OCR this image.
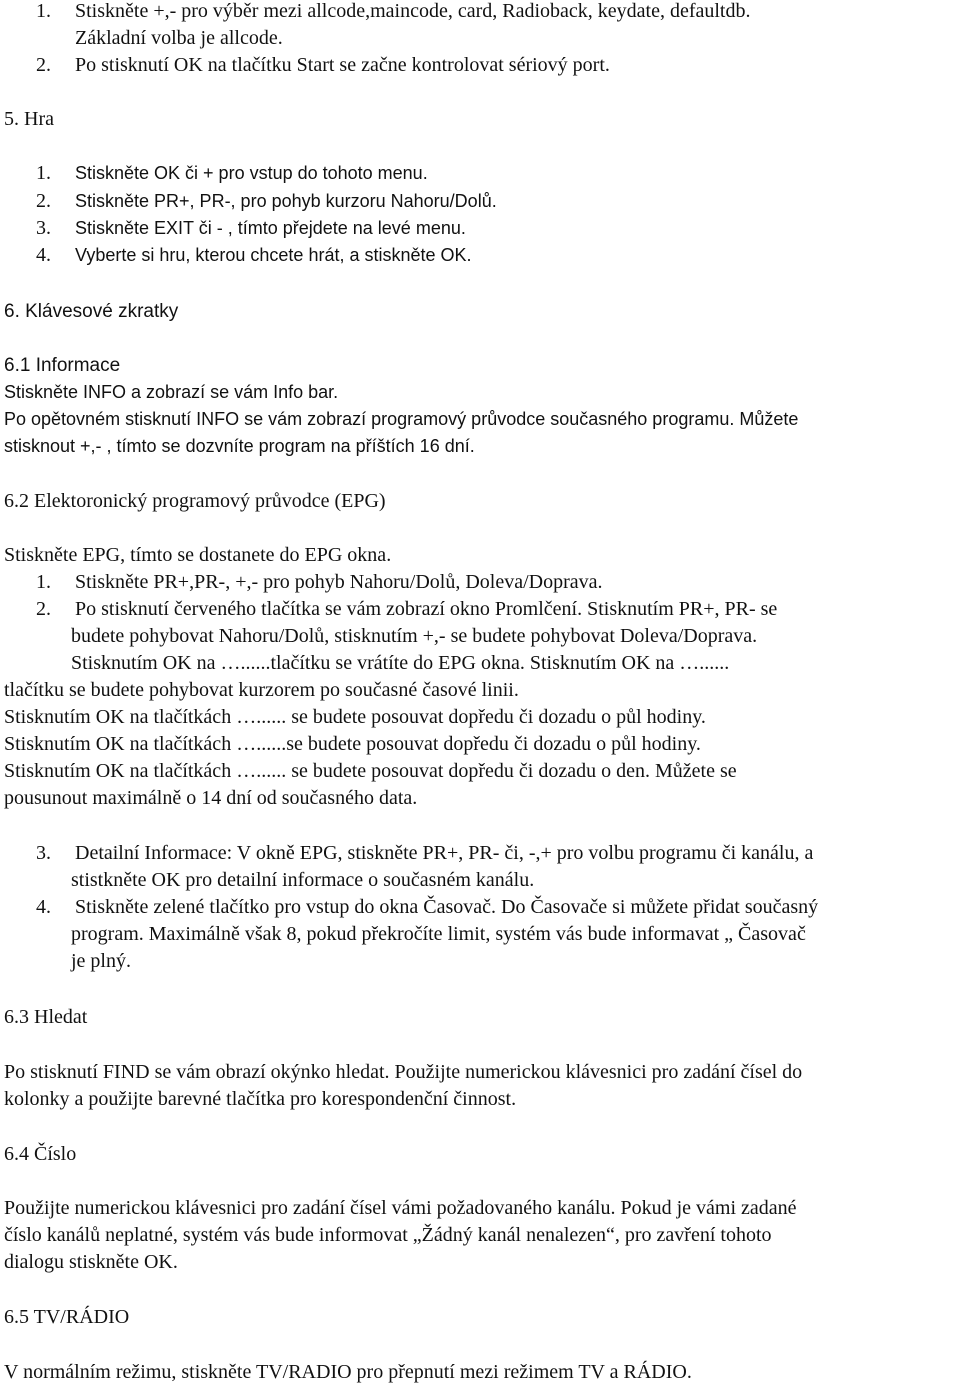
1.	Stiskněte +,- pro výběr mezi allcode,maincode, card, Radioback, keydate, defaultdb.
Základní volba je allcode.
2.	Po stisknutí OK na tlačítku Start se začne kontrolovat sériový port.
5. Hra
1.	Stiskněte OK či + pro vstup do tohoto menu.
2.	Stiskněte PR+, PR-, pro pohyb kurzoru Nahoru/Dolů.
3.	Stiskněte EXIT či - , tímto přejdete na levé menu.
4.	Vyberte si hru, kterou chcete hrát, a stiskněte OK.
6. Klávesové zkratky
6.1 Informace
Stiskněte INFO a zobrazí se vám Info bar.
Po opětovném stisknutí INFO se vám zobrazí programový průvodce současného programu. Můžete
stisknout +,- , tímto se dozvníte program na příštích 16 dní.
6.2 Elektoronický programový průvodce (EPG)
Stiskněte EPG, tímto se dostanete do EPG okna.
1.	Stiskněte PR+,PR-, +,- pro pohyb Nahoru/Dolů, Doleva/Doprava.
2.	Po stisknutí červeného tlačítka se vám zobrazí okno Promlčení. Stisknutím PR+, PR- se
budete pohybovat Nahoru/Dolů, stisknutím +,- se budete pohybovat Doleva/Doprava.
Stisknutím OK na …......tlačítku se vrátíte do EPG okna. Stisknutím OK na …......
tlačítku se budete pohybovat kurzorem po současné časové linii.
Stisknutím OK na tlačítkách …...... se budete posouvat dopředu či dozadu o půl hodiny.
Stisknutím OK na tlačítkách …......se budete posouvat dopředu či dozadu o půl hodiny.
Stisknutím OK na tlačítkách …...... se budete posouvat dopředu či dozadu o den. Můžete se
pousunout maximálně o 14 dní od současného data.
3.	Detailní Informace: V okně EPG, stiskněte PR+, PR- či, -,+ pro volbu programu či kanálu, a
stistkněte OK pro detailní informace o současném kanálu.
4.	Stiskněte zelené tlačítko pro vstup do okna Časovač. Do Časovače si můžete přidat současný
program. Maximálně však 8, pokud překročíte limit, systém vás bude informavat „ Časovač
je plný.
6.3 Hledat
Po stisknutí FIND se vám obrazí okýnko hledat. Použijte numerickou klávesnici pro zadání čísel do
kolonky a použijte barevné tlačítka pro korespondenční činnost.
6.4 Číslo
Použijte numerickou klávesnici pro zadání čísel vámi požadovaného kanálu. Pokud je vámi zadané
číslo kanálů neplatné, systém vás bude informovat „Žádný kanál nenalezen“, pro zavření tohoto
dialogu stiskněte OK.
6.5 TV/RÁDIO
V normálním režimu, stiskněte TV/RADIO pro přepnutí mezi režimem TV a RÁDIO.
